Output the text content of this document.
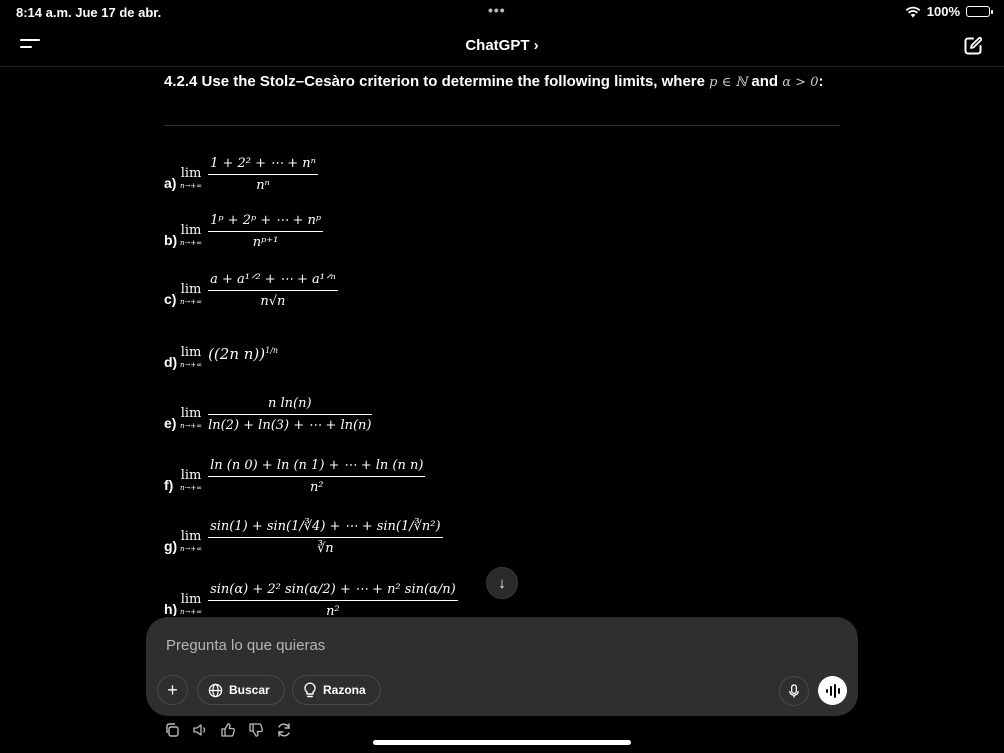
8:14 a.m. Jue 17 de abr.	•••	100%
ChatGPT ›
4.2.4 Use the Stolz–Cesàro criterion to determine the following limits, where p ∈ ℕ and α > 0:
a)
lim
$n\to+\infty \frac{\text{1 + 2² + ⋯ + nⁿ}}{\text{nⁿ}}$
b)
lim
$n\to+\infty \frac{\text{1ᵖ + 2ᵖ + ⋯ + nᵖ}}{\text{nᵖ⁺¹}}$
c)
lim
$n\to+\infty \frac{\text{a + a¹ᐟ² + ⋯ + a¹ᐟⁿ}}{n√n}$
d)
lim
n→+∞
((2n n))$^{1/n}$
e)
lim
$n\to+\infty \frac{\text{n ln(n)}}{\ln(2) + \ln(3) + \cdots + \ln(n)}$
f)
lim
$n\to+\infty \frac{\text{ln (n 0) + ln (n 1) + ⋯ + ln (n n)}}{\text{n²}}$
g)
lim
$n\to+\infty \frac{\text{sin(1) + sin(1/∛4) + ⋯ + sin(1/∛n²)}}{∛n}$
h)
lim
$n\to+\infty \frac{\text{sin(α) + 2² sin(α/2) + ⋯ + n² sin(α/n)}}{\text{n²}}$	↓
Pregunta lo que quieras
+	Buscar	Razona
